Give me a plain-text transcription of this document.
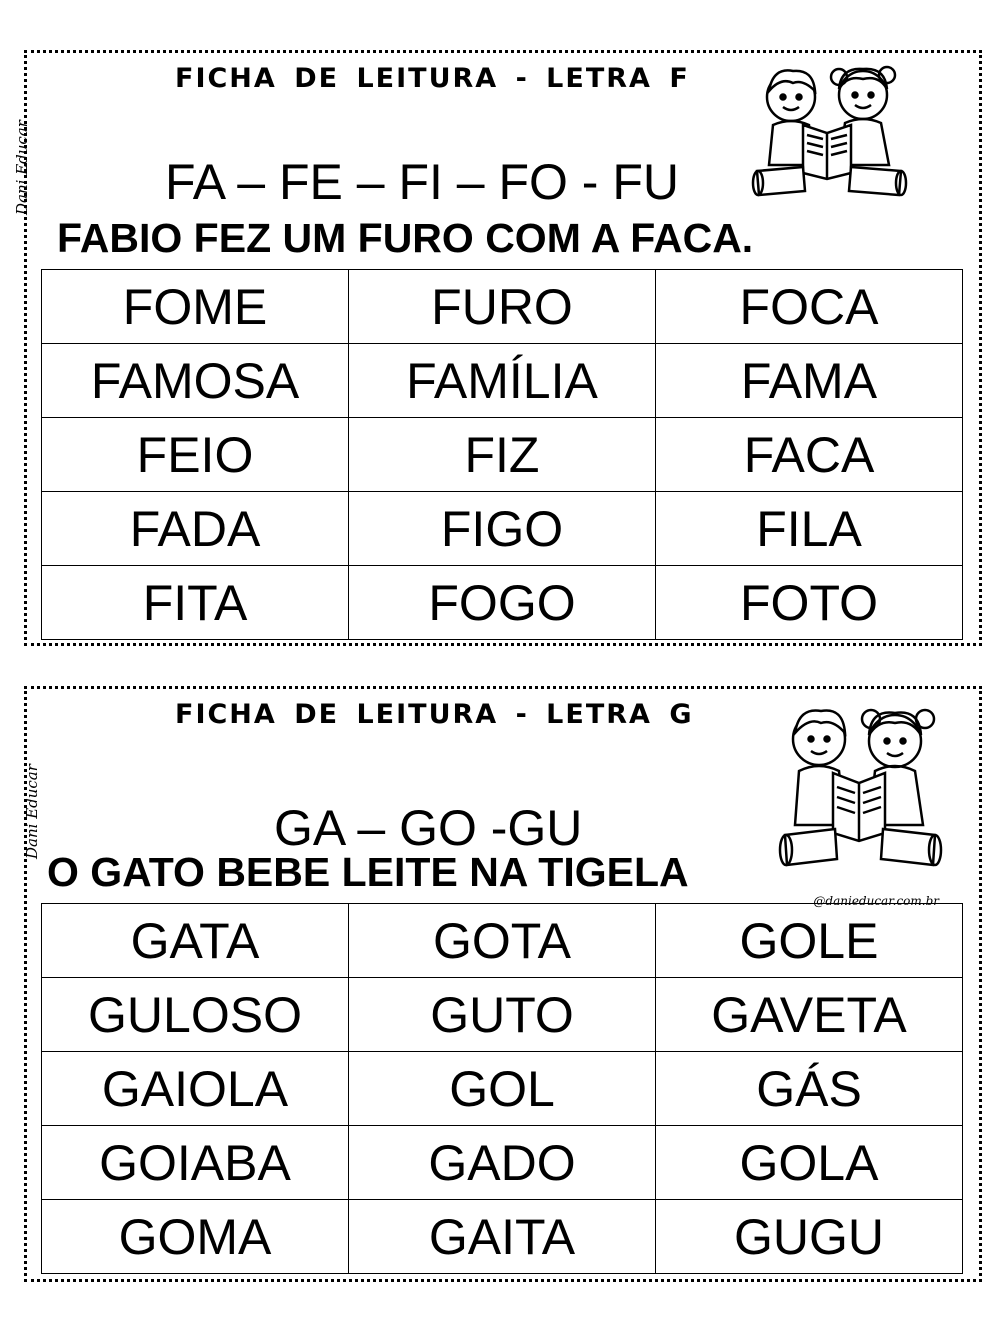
Dani Educar
FICHA DE LEITURA - LETRA F
FA – FE – FI – FO - FU
FABIO FEZ UM FURO COM A FACA.
FOME	FURO	FOCA
FAMOSA	FAMÍLIA	FAMA
FEIO	FIZ	FACA
FADA	FIGO	FILA
FITA	FOGO	FOTO
Dani Educar
FICHA DE LEITURA - LETRA G
GA – GO -GU
O GATO BEBE LEITE NA TIGELA
@danieducar.com.br
GATA	GOTA	GOLE
GULOSO	GUTO	GAVETA
GAIOLA	GOL	GÁS
GOIABA	GADO	GOLA
GOMA	GAITA	GUGU
